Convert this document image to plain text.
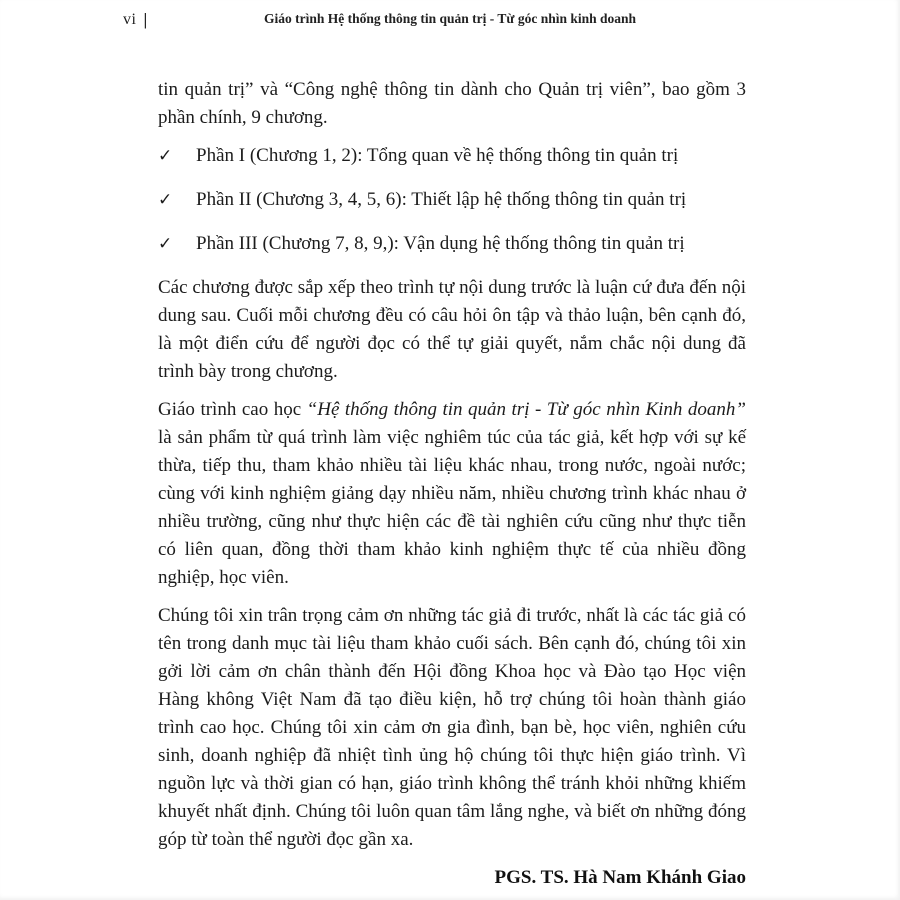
vi |	Giáo trình Hệ thống thông tin quản trị - Từ góc nhìn kinh doanh

tin quản trị” và “Công nghệ thông tin dành cho Quản trị viên”, bao gồm 3 phần chính, 9 chương.

✓	Phần I (Chương 1, 2): Tổng quan về hệ thống thông tin quản trị
✓	Phần II (Chương 3, 4, 5, 6): Thiết lập hệ thống thông tin quản trị
✓	Phần III (Chương 7, 8, 9,): Vận dụng hệ thống thông tin quản trị

Các chương được sắp xếp theo trình tự nội dung trước là luận cứ đưa đến nội dung sau. Cuối mỗi chương đều có câu hỏi ôn tập và thảo luận, bên cạnh đó, là một điển cứu để người đọc có thể tự giải quyết, nắm chắc nội dung đã trình bày trong chương.

Giáo trình cao học “Hệ thống thông tin quản trị - Từ góc nhìn Kinh doanh” là sản phẩm từ quá trình làm việc nghiêm túc của tác giả, kết hợp với sự kế thừa, tiếp thu, tham khảo nhiều tài liệu khác nhau, trong nước, ngoài nước; cùng với kinh nghiệm giảng dạy nhiều năm, nhiều chương trình khác nhau ở nhiều trường, cũng như thực hiện các đề tài nghiên cứu cũng như thực tiễn có liên quan, đồng thời tham khảo kinh nghiệm thực tế của nhiều đồng nghiệp, học viên.

Chúng tôi xin trân trọng cảm ơn những tác giả đi trước, nhất là các tác giả có tên trong danh mục tài liệu tham khảo cuối sách. Bên cạnh đó, chúng tôi xin gởi lời cảm ơn chân thành đến Hội đồng Khoa học và Đào tạo Học viện Hàng không Việt Nam đã tạo điều kiện, hỗ trợ chúng tôi hoàn thành giáo trình cao học. Chúng tôi xin cảm ơn gia đình, bạn bè, học viên, nghiên cứu sinh, doanh nghiệp đã nhiệt tình ủng hộ chúng tôi thực hiện giáo trình. Vì nguồn lực và thời gian có hạn, giáo trình không thể tránh khỏi những khiếm khuyết nhất định. Chúng tôi luôn quan tâm lắng nghe, và biết ơn những đóng góp từ toàn thể người đọc gần xa.

PGS. TS. Hà Nam Khánh Giao
